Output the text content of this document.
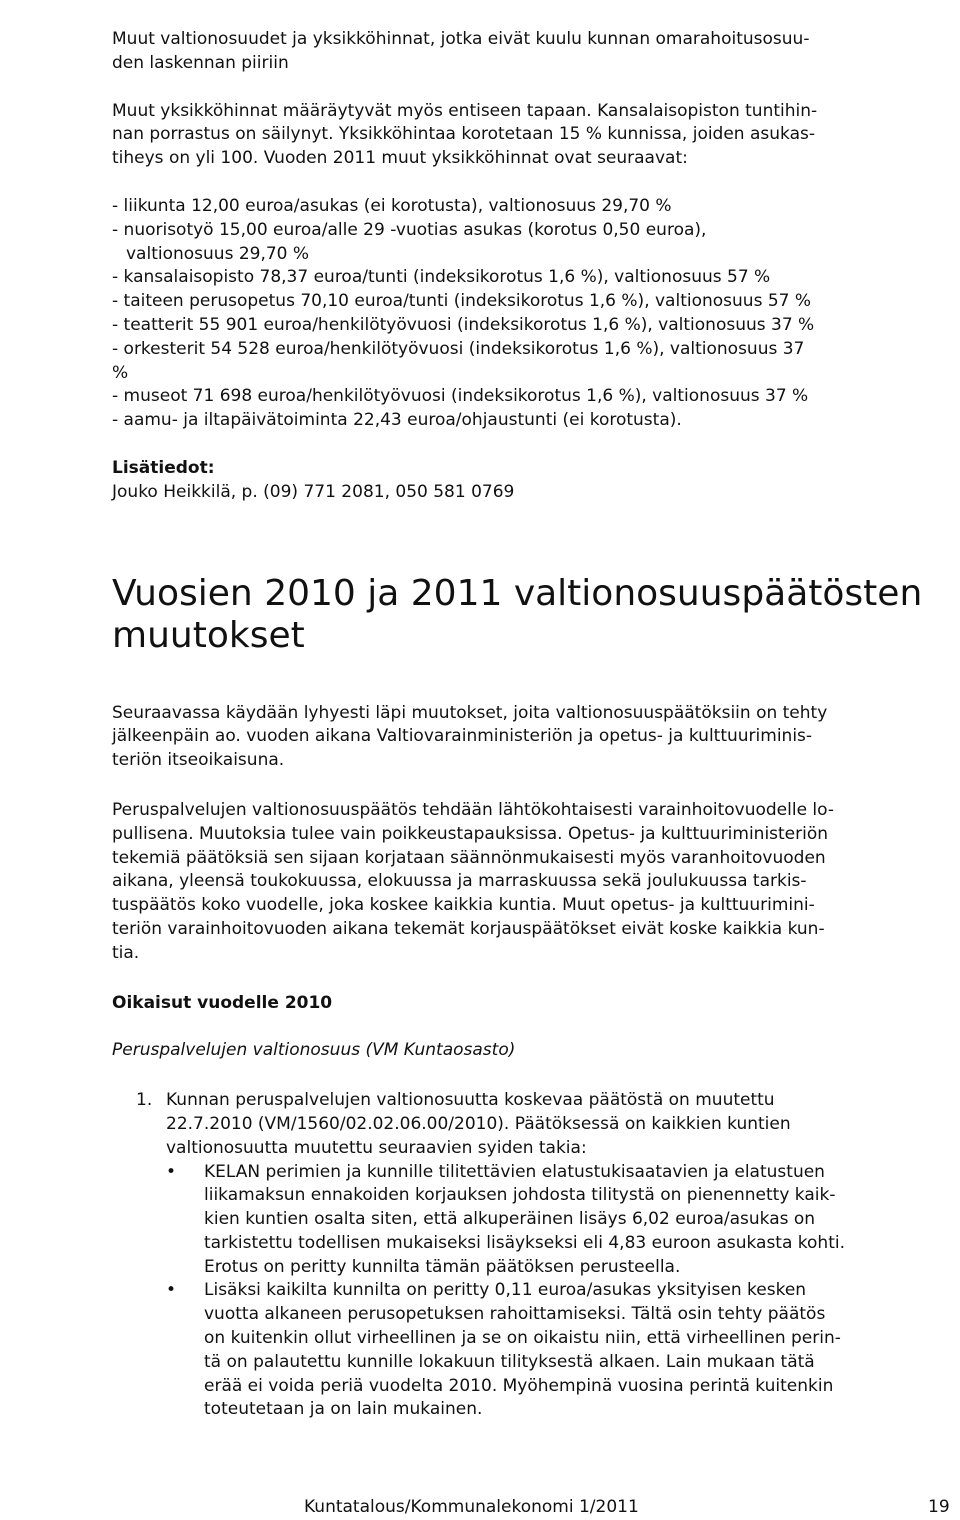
Muut valtionosuudet ja yksikköhinnat, jotka eivät kuulu kunnan omarahoitusosuu-

den laskennan piiriin

Muut yksikköhinnat määräytyvät myös entiseen tapaan. Kansalaisopiston tuntihin-

nan porrastus on säilynyt. Yksikköhintaa korotetaan 15 % kunnissa, joiden asukas-

tiheys on yli 100. Vuoden 2011 muut yksikköhinnat ovat seuraavat:

- liikunta 12,00 euroa/asukas (ei korotusta), valtionosuus 29,70 %

- nuorisotyö 15,00 euroa/alle 29 -vuotias asukas (korotus 0,50 euroa),

valtionosuus 29,70 %

- kansalaisopisto 78,37 euroa/tunti (indeksikorotus 1,6 %), valtionosuus 57 %

- taiteen perusopetus 70,10 euroa/tunti (indeksikorotus 1,6 %), valtionosuus 57 %

- teatterit 55 901 euroa/henkilötyövuosi (indeksikorotus 1,6 %), valtionosuus 37 %

- orkesterit 54 528 euroa/henkilötyövuosi (indeksikorotus 1,6 %), valtionosuus 37

%

- museot 71 698 euroa/henkilötyövuosi (indeksikorotus 1,6 %), valtionosuus 37 %

- aamu- ja iltapäivätoiminta 22,43 euroa/ohjaustunti (ei korotusta).

Lisätiedot:

Jouko Heikkilä, p. (09) 771 2081, 050 581 0769

Vuosien 2010 ja 2011 valtionosuuspäätösten
muutokset

Seuraavassa käydään lyhyesti läpi muutokset, joita valtionosuuspäätöksiin on tehty

jälkeenpäin ao. vuoden aikana Valtiovarainministeriön ja opetus- ja kulttuuriminis-

teriön itseoikaisuna.

Peruspalvelujen valtionosuuspäätös tehdään lähtökohtaisesti varainhoitovuodelle lo-

pullisena. Muutoksia tulee vain poikkeustapauksissa. Opetus- ja kulttuuriministeriön

tekemiä päätöksiä sen sijaan korjataan säännönmukaisesti myös varanhoitovuoden

aikana, yleensä toukokuussa, elokuussa ja marraskuussa sekä joulukuussa tarkis-

tuspäätös koko vuodelle, joka koskee kaikkia kuntia. Muut opetus- ja kulttuurimini-

teriön varainhoitovuoden aikana tekemät korjauspäätökset eivät koske kaikkia kun-

tia.

Oikaisut vuodelle 2010

Peruspalvelujen valtionosuus (VM Kuntaosasto)

1. Kunnan peruspalvelujen valtionosuutta koskevaa päätöstä on muutettu

22.7.2010 (VM/1560/02.02.06.00/2010). Päätöksessä on kaikkien kuntien

valtionosuutta muutettu seuraavien syiden takia:

• KELAN perimien ja kunnille tilitettävien elatustukisaatavien ja elatustuen

liikamaksun ennakoiden korjauksen johdosta tilitystä on pienennetty kaik-

kien kuntien osalta siten, että alkuperäinen lisäys 6,02 euroa/asukas on

tarkistettu todellisen mukaiseksi lisäykseksi eli 4,83 euroon asukasta kohti.

Erotus on peritty kunnilta tämän päätöksen perusteella.

• Lisäksi kaikilta kunnilta on peritty 0,11 euroa/asukas yksityisen kesken

vuotta alkaneen perusopetuksen rahoittamiseksi. Tältä osin tehty päätös

on kuitenkin ollut virheellinen ja se on oikaistu niin, että virheellinen perin-

tä on palautettu kunnille lokakuun tilityksestä alkaen. Lain mukaan tätä

erää ei voida periä vuodelta 2010. Myöhempinä vuosina perintä kuitenkin

toteutetaan ja on lain mukainen.

Kuntatalous/Kommunalekonomi 1/2011	19
